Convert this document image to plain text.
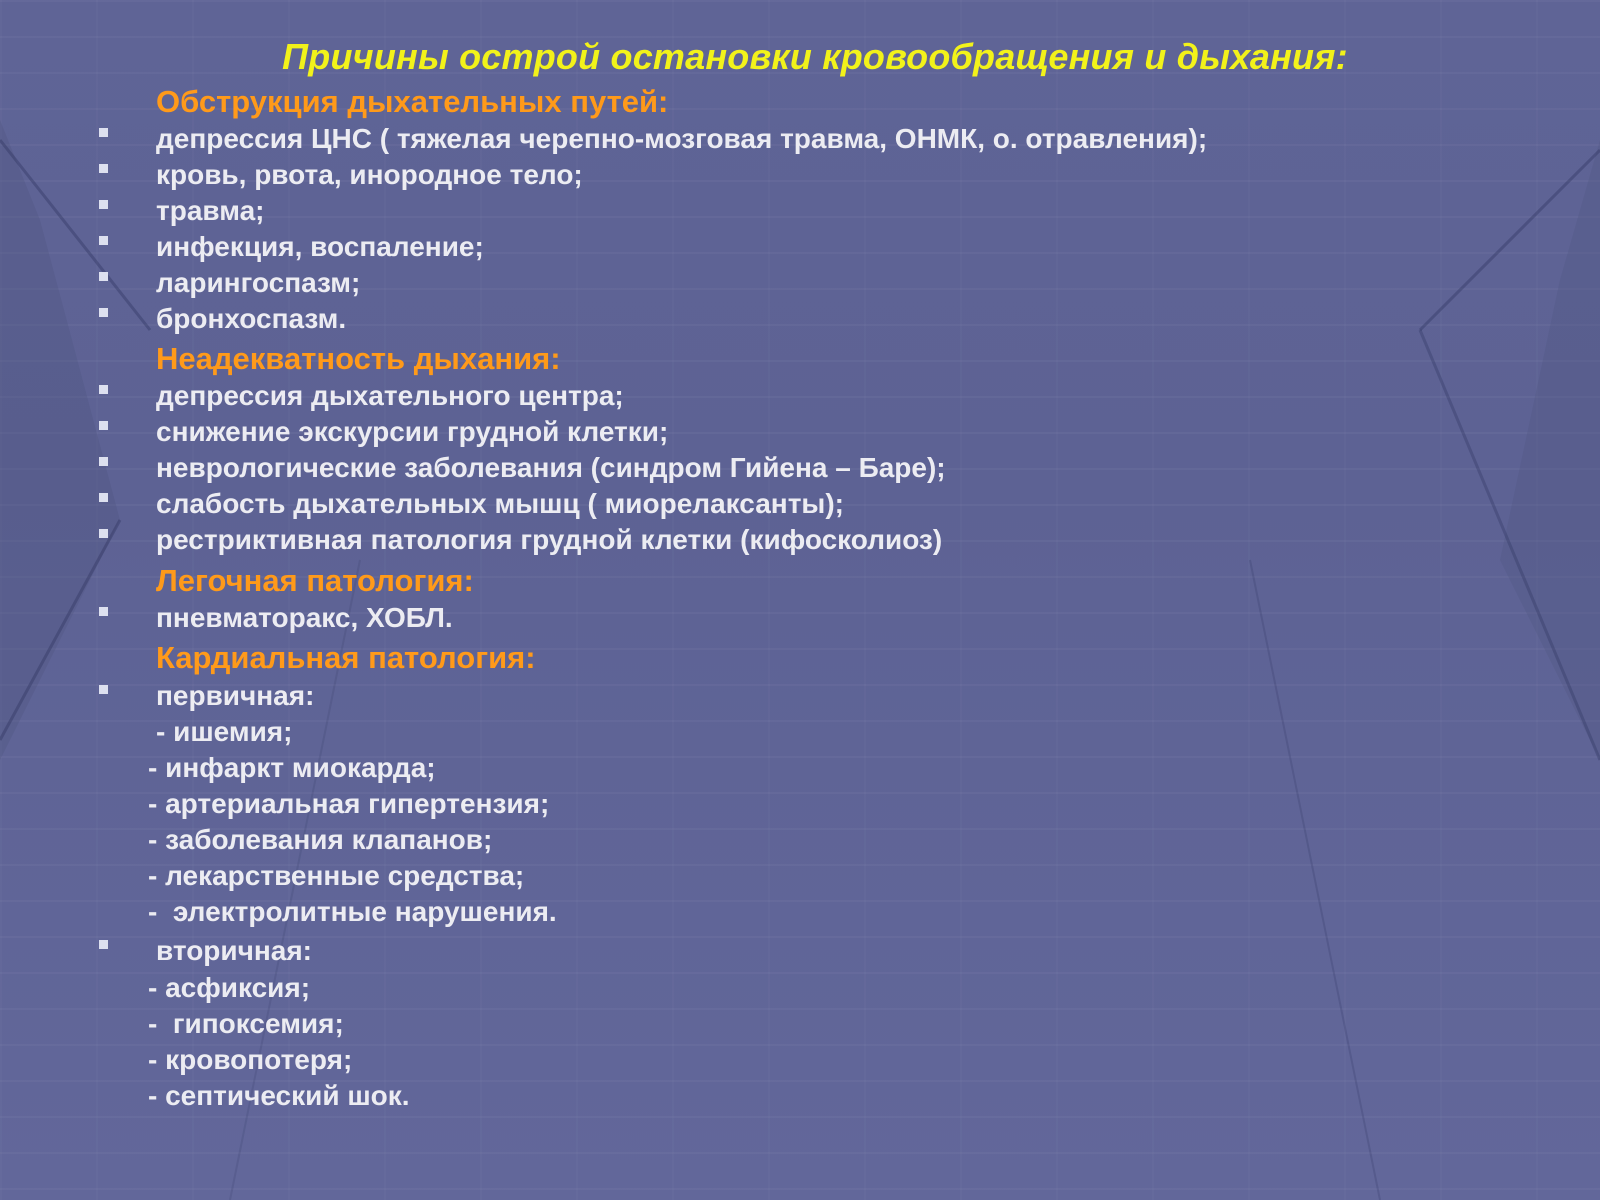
Причины острой остановки кровообращения и дыхания:
Обструкция дыхательных путей:
депрессия ЦНС ( тяжелая черепно-мозговая травма, ОНМК, о. отравления);
кровь, рвота, инородное тело;
травма;
инфекция, воспаление;
ларингоспазм;
бронхоспазм.
Неадекватность дыхания:
депрессия дыхательного центра;
снижение экскурсии грудной клетки;
неврологические заболевания (синдром Гийена – Баре);
слабость дыхательных мышц ( миорелаксанты);
рестриктивная патология грудной клетки (кифосколиоз)
Легочная патология:
пневматоракс, ХОБЛ.
Кардиальная патология:
первичная:
- ишемия;
- инфаркт миокарда;
- артериальная гипертензия;
- заболевания клапанов;
- лекарственные средства;
-  электролитные нарушения.
вторичная:
- асфиксия;
-  гипоксемия;
- кровопотеря;
- септический шок.
